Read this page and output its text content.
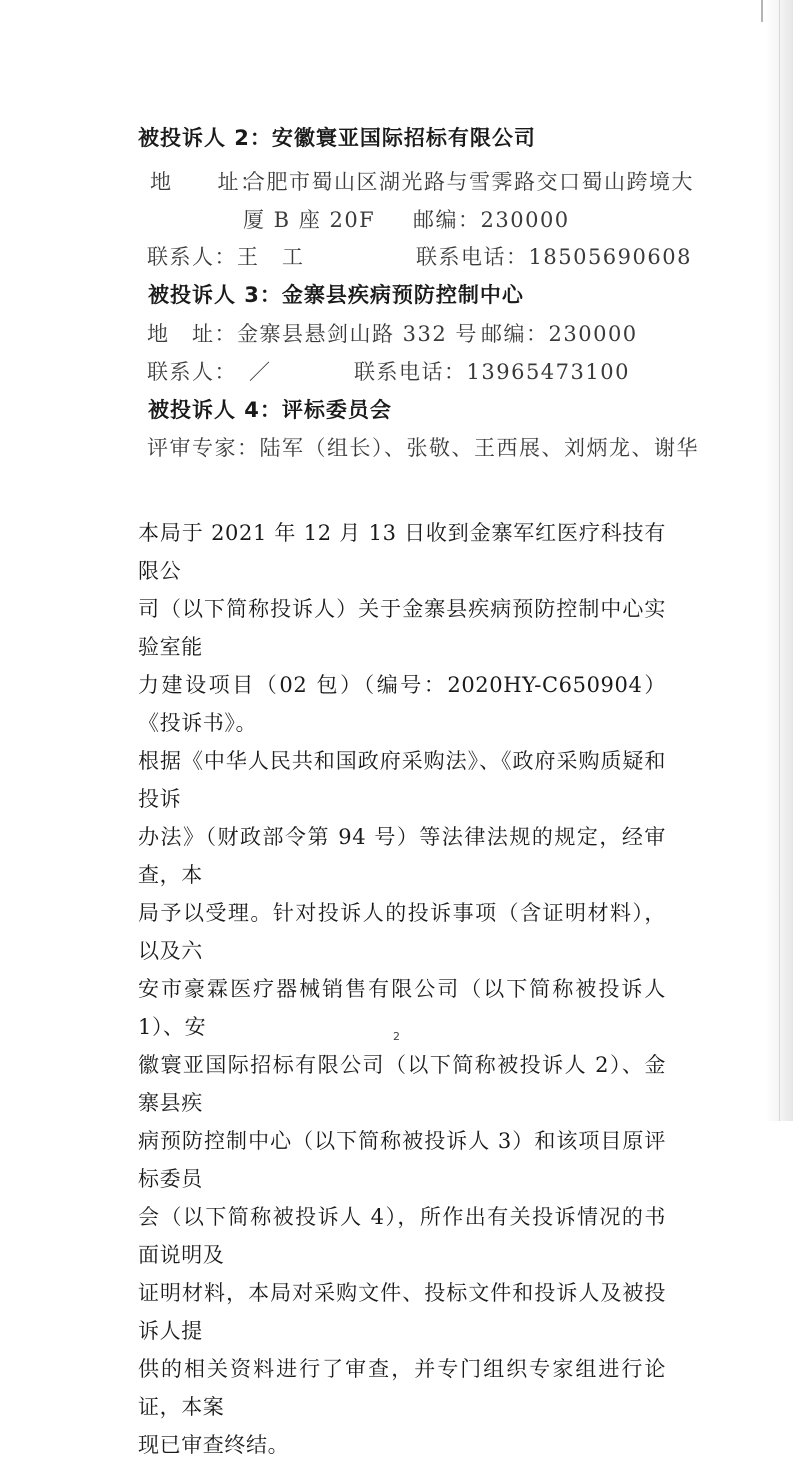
被投诉人 2：安徽寰亚国际招标有限公司
地　　址：
合肥市蜀山区湖光路与雪霁路交口蜀山跨境大
厦 B 座 20F 邮编：230000
联系人：王　工	联系电话：18505690608
被投诉人 3：金寨县疾病预防控制中心
地　址：金寨县悬剑山路 332 号 邮编：230000
联系人：　／	联系电话：13965473100
被投诉人 4：评标委员会
评审专家：陆军（组长）、张敬、王西展、刘炳龙、谢华
本局于 2021 年 12 月 13 日收到金寨军红医疗科技有限公
司（以下简称投诉人）关于金寨县疾病预防控制中心实验室能
力建设项目（02 包）（编号：2020HY-C650904）《投诉书》。
根据《中华人民共和国政府采购法》、《政府采购质疑和投诉
办法》（财政部令第 94 号）等法律法规的规定，经审查，本
局予以受理。针对投诉人的投诉事项（含证明材料），以及六
安市豪霖医疗器械销售有限公司（以下简称被投诉人 1）、安
徽寰亚国际招标有限公司（以下简称被投诉人 2）、金寨县疾
病预防控制中心（以下简称被投诉人 3）和该项目原评标委员
会（以下简称被投诉人 4），所作出有关投诉情况的书面说明及
证明材料，本局对采购文件、投标文件和投诉人及被投诉人提
供的相关资料进行了审查，并专门组织专家组进行论证，本案
现已审查终结。
2
